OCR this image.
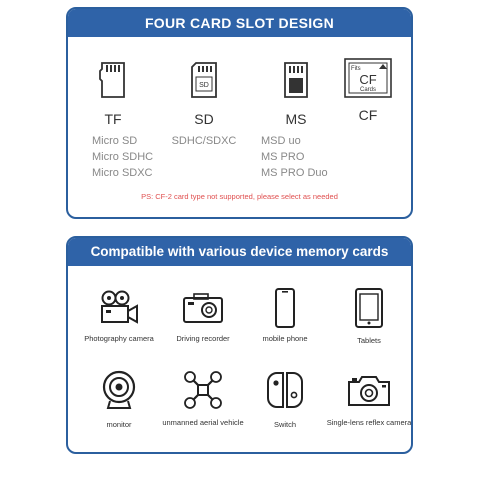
FOUR CARD SLOT DESIGN
TF
Micro SD
Micro SDHC
Micro SDXC
SD
SD
SDHC/SDXC
MS
MSD uo
MS PRO
MS PRO Duo
Fits
CF
Cards
CF
PS: CF-2 card type not supported, please select as needed
Compatible with various device memory cards
Photography camera	Driving recorder	mobile phone	Tablets
monitor	unmanned aerial vehicle	Switch	Single-lens reflex camera
